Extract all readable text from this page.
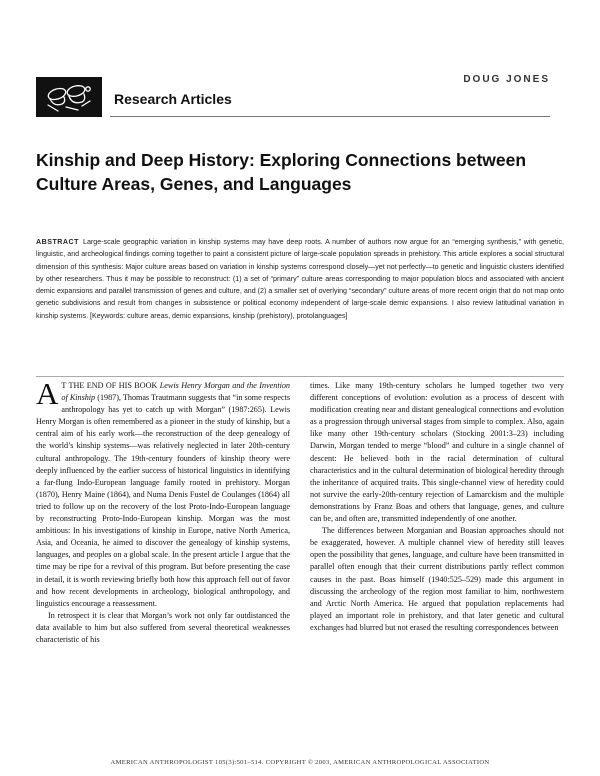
DOUG JONES
Research Articles
Kinship and Deep History: Exploring Connections between Culture Areas, Genes, and Languages

ABSTRACT Large-scale geographic variation in kinship systems may have deep roots. A number of authors now argue for an “emerging synthesis,” with genetic, linguistic, and archeological findings coming together to paint a consistent picture of large-scale population spreads in prehistory. This article explores a social structural dimension of this synthesis: Major culture areas based on variation in kinship systems correspond closely—yet not perfectly—to genetic and linguistic clusters identified by other researchers. Thus it may be possible to reconstruct: (1) a set of “primary” culture areas corresponding to major population blocs and associated with ancient demic expansions and parallel transmission of genes and culture, and (2) a smaller set of overlying “secondary” culture areas of more recent origin that do not map onto genetic subdivisions and result from changes in subsistence or political economy independent of large-scale demic expansions. I also review latitudinal variation in kinship systems. [Keywords: culture areas, demic expansions, kinship (prehistory), protolanguages]

A T THE END OF HIS BOOK Lewis Henry Morgan and the Invention of Kinship (1987), Thomas Trautmann suggests that “in some respects anthropology has yet to catch up with Morgan” (1987:265). Lewis Henry Morgan is often remembered as a pioneer in the study of kinship, but a central aim of his early work—the reconstruction of the deep genealogy of the world’s kinship systems—was relatively neglected in later 20th-century cultural anthropology. The 19th-century founders of kinship theory were deeply influenced by the earlier success of historical linguistics in identifying a far-flung Indo-European language family rooted in prehistory. Morgan (1870), Henry Maine (1864), and Numa Denis Fustel de Coulanges (1864) all tried to follow up on the recovery of the lost Proto-Indo-European language by reconstructing Proto-Indo-European kinship. Morgan was the most ambitious: In his investigations of kinship in Europe, native North America, Asia, and Oceania, he aimed to discover the genealogy of kinship systems, languages, and peoples on a global scale. In the present article I argue that the time may be ripe for a revival of this program. But before presenting the case in detail, it is worth reviewing briefly both how this approach fell out of favor and how recent developments in archeology, biological anthropology, and linguistics encourage a reassessment.

In retrospect it is clear that Morgan’s work not only far outdistanced the data available to him but also suffered from several theoretical weaknesses characteristic of his

times. Like many 19th-century scholars he lumped together two very different conceptions of evolution: evolution as a process of descent with modification creating near and distant genealogical connections and evolution as a progression through universal stages from simple to complex. Also, again like many other 19th-century scholars (Stocking 2001:3–23) including Darwin, Morgan tended to merge “blood” and culture in a single channel of descent: He believed both in the racial determination of cultural characteristics and in the cultural determination of biological heredity through the inheritance of acquired traits. This single-channel view of heredity could not survive the early-20th-century rejection of Lamarckism and the multiple demonstrations by Franz Boas and others that language, genes, and culture can be, and often are, transmitted independently of one another.

The differences between Morganian and Boasian approaches should not be exaggerated, however. A multiple channel view of heredity still leaves open the possibility that genes, language, and culture have been transmitted in parallel often enough that their current distributions partly reflect common causes in the past. Boas himself (1940:525–529) made this argument in discussing the archeology of the region most familiar to him, northwestern and Arctic North America. He argued that population replacements had played an important role in prehistory, and that later genetic and cultural exchanges had blurred but not erased the resulting correspondences between

AMERICAN ANTHROPOLOGIST 105(3):501–514. COPYRIGHT © 2003, AMERICAN ANTHROPOLOGICAL ASSOCIATION
